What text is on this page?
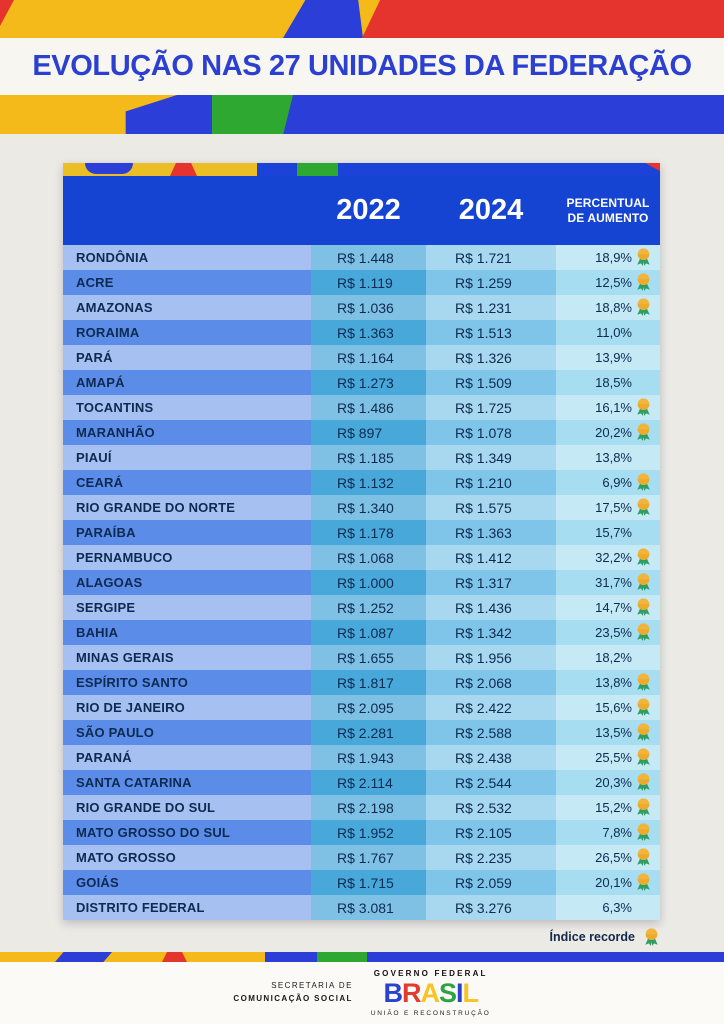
EVOLUÇÃO NAS 27 UNIDADES DA FEDERAÇÃO
2022	2024	PERCENTUAL
DE AUMENTO
RONDÔNIA	R$ 1.448	R$ 1.721	18,9%
ACRE	R$ 1.119	R$ 1.259	12,5%
AMAZONAS	R$ 1.036	R$ 1.231	18,8%
RORAIMA	R$ 1.363	R$ 1.513	11,0%
PARÁ	R$ 1.164	R$ 1.326	13,9%
AMAPÁ	R$ 1.273	R$ 1.509	18,5%
TOCANTINS	R$ 1.486	R$ 1.725	16,1%
MARANHÃO	R$ 897	R$ 1.078	20,2%
PIAUÍ	R$ 1.185	R$ 1.349	13,8%
CEARÁ	R$ 1.132	R$ 1.210	6,9%
RIO GRANDE DO NORTE	R$ 1.340	R$ 1.575	17,5%
PARAÍBA	R$ 1.178	R$ 1.363	15,7%
PERNAMBUCO	R$ 1.068	R$ 1.412	32,2%
ALAGOAS	R$ 1.000	R$ 1.317	31,7%
SERGIPE	R$ 1.252	R$ 1.436	14,7%
BAHIA	R$ 1.087	R$ 1.342	23,5%
MINAS GERAIS	R$ 1.655	R$ 1.956	18,2%
ESPÍRITO SANTO	R$ 1.817	R$ 2.068	13,8%
RIO DE JANEIRO	R$ 2.095	R$ 2.422	15,6%
SÃO PAULO	R$ 2.281	R$ 2.588	13,5%
PARANÁ	R$ 1.943	R$ 2.438	25,5%
SANTA CATARINA	R$ 2.114	R$ 2.544	20,3%
RIO GRANDE DO SUL	R$ 2.198	R$ 2.532	15,2%
MATO GROSSO DO SUL	R$ 1.952	R$ 2.105	7,8%
MATO GROSSO	R$ 1.767	R$ 2.235	26,5%
GOIÁS	R$ 1.715	R$ 2.059	20,1%
DISTRITO FEDERAL	R$ 3.081	R$ 3.276	6,3%
Índice recorde
SECRETARIA DE
COMUNICAÇÃO SOCIAL
GOVERNO FEDERAL
BRASIL
UNIÃO E RECONSTRUÇÃO
